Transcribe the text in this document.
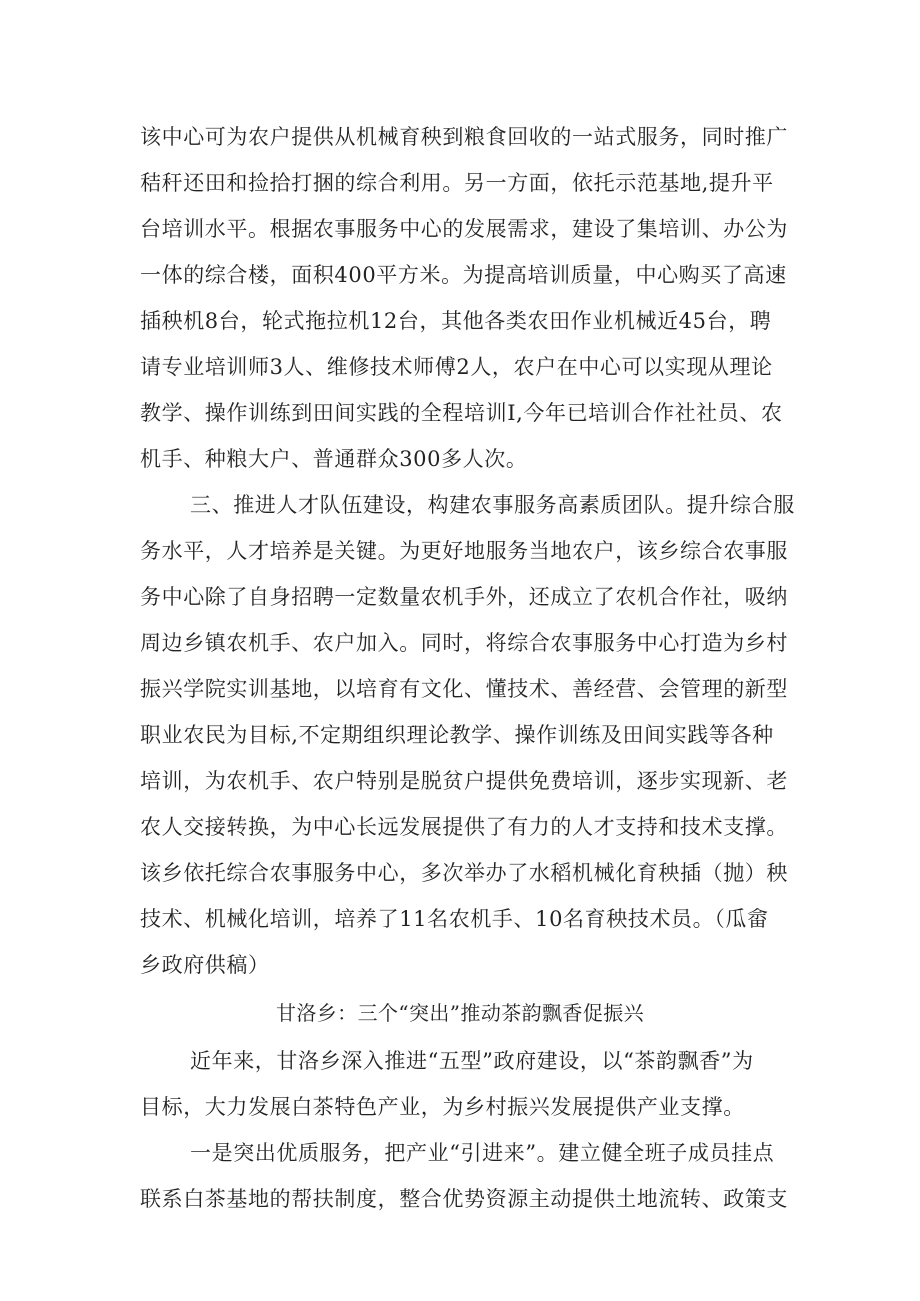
该中心可为农户提供从机械育秧到粮食回收的一站式服务，同时推广
秸秆还田和捡拾打捆的综合利用。另一方面，依托示范基地,提升平
台培训水平。根据农事服务中心的发展需求，建设了集培训、办公为
一体的综合楼，面积400平方米。为提高培训质量，中心购买了高速
插秧机8台，轮式拖拉机12台，其他各类农田作业机械近45台，聘
请专业培训师3人、维修技术师傅2人，农户在中心可以实现从理论
教学、操作训练到田间实践的全程培训I,今年已培训合作社社员、农
机手、种粮大户、普通群众300多人次。
三、推进人才队伍建设，构建农事服务高素质团队。提升综合服
务水平，人才培养是关键。为更好地服务当地农户，该乡综合农事服
务中心除了自身招聘一定数量农机手外，还成立了农机合作社，吸纳
周边乡镇农机手、农户加入。同时，将综合农事服务中心打造为乡村
振兴学院实训基地，以培育有文化、懂技术、善经营、会管理的新型
职业农民为目标,不定期组织理论教学、操作训练及田间实践等各种
培训，为农机手、农户特别是脱贫户提供免费培训，逐步实现新、老
农人交接转换，为中心长远发展提供了有力的人才支持和技术支撑。
该乡依托综合农事服务中心，多次举办了水稻机械化育秧插（抛）秧
技术、机械化培训，培养了11名农机手、10名育秧技术员。（瓜畲
乡政府供稿）
甘洛乡：三个“突出”推动茶韵飘香促振兴
近年来，甘洛乡深入推进“五型”政府建设，以“茶韵飘香”为
目标，大力发展白茶特色产业，为乡村振兴发展提供产业支撑。
一是突出优质服务，把产业“引进来”。建立健全班子成员挂点
联系白茶基地的帮扶制度，整合优势资源主动提供土地流转、政策支
